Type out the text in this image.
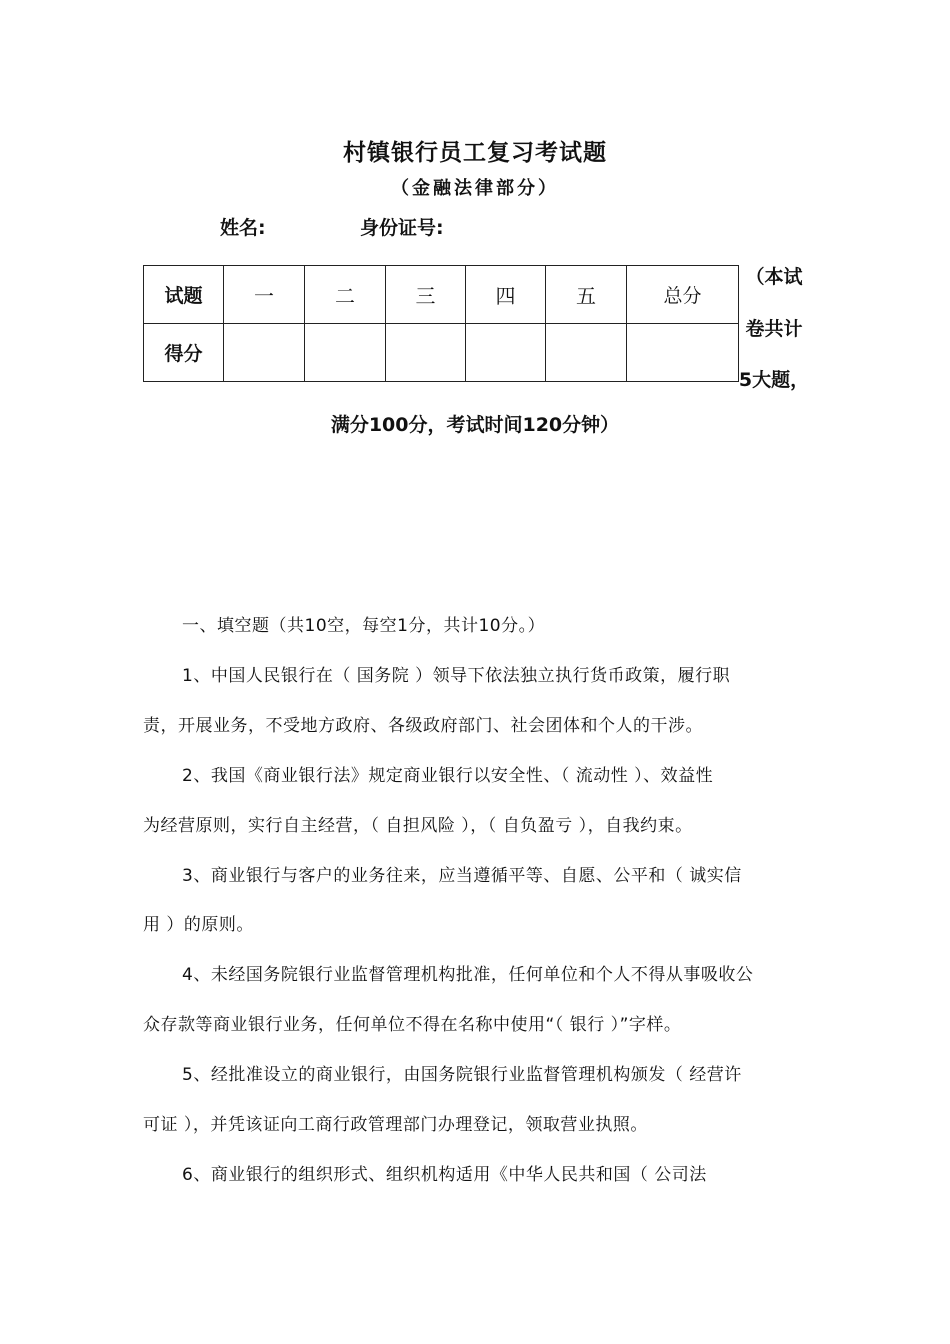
村镇银行员工复习考试题
（金融法律部分）
姓名:	身份证号:
试题	一	二	三	四	五	总分
得分						
（本试
卷共计
5大题，
满分100分，考试时间120分钟）
一、填空题（共10空，每空1分，共计10分。）
1、中国人民银行在（ 国务院 ）领导下依法独立执行货币政策，履行职
责，开展业务，不受地方政府、各级政府部门、社会团体和个人的干涉。
2、我国《商业银行法》规定商业银行以安全性、（ 流动性 ）、效益性
为经营原则，实行自主经营，（ 自担风险 ），（ 自负盈亏 ），自我约束。
3、商业银行与客户的业务往来，应当遵循平等、自愿、公平和（ 诚实信
用 ）的原则。
4、未经国务院银行业监督管理机构批准，任何单位和个人不得从事吸收公
众存款等商业银行业务，任何单位不得在名称中使用“（ 银行 ）”字样。
5、经批准设立的商业银行，由国务院银行业监督管理机构颁发（ 经营许
可证 ），并凭该证向工商行政管理部门办理登记，领取营业执照。
6、商业银行的组织形式、组织机构适用《中华人民共和国（ 公司法
